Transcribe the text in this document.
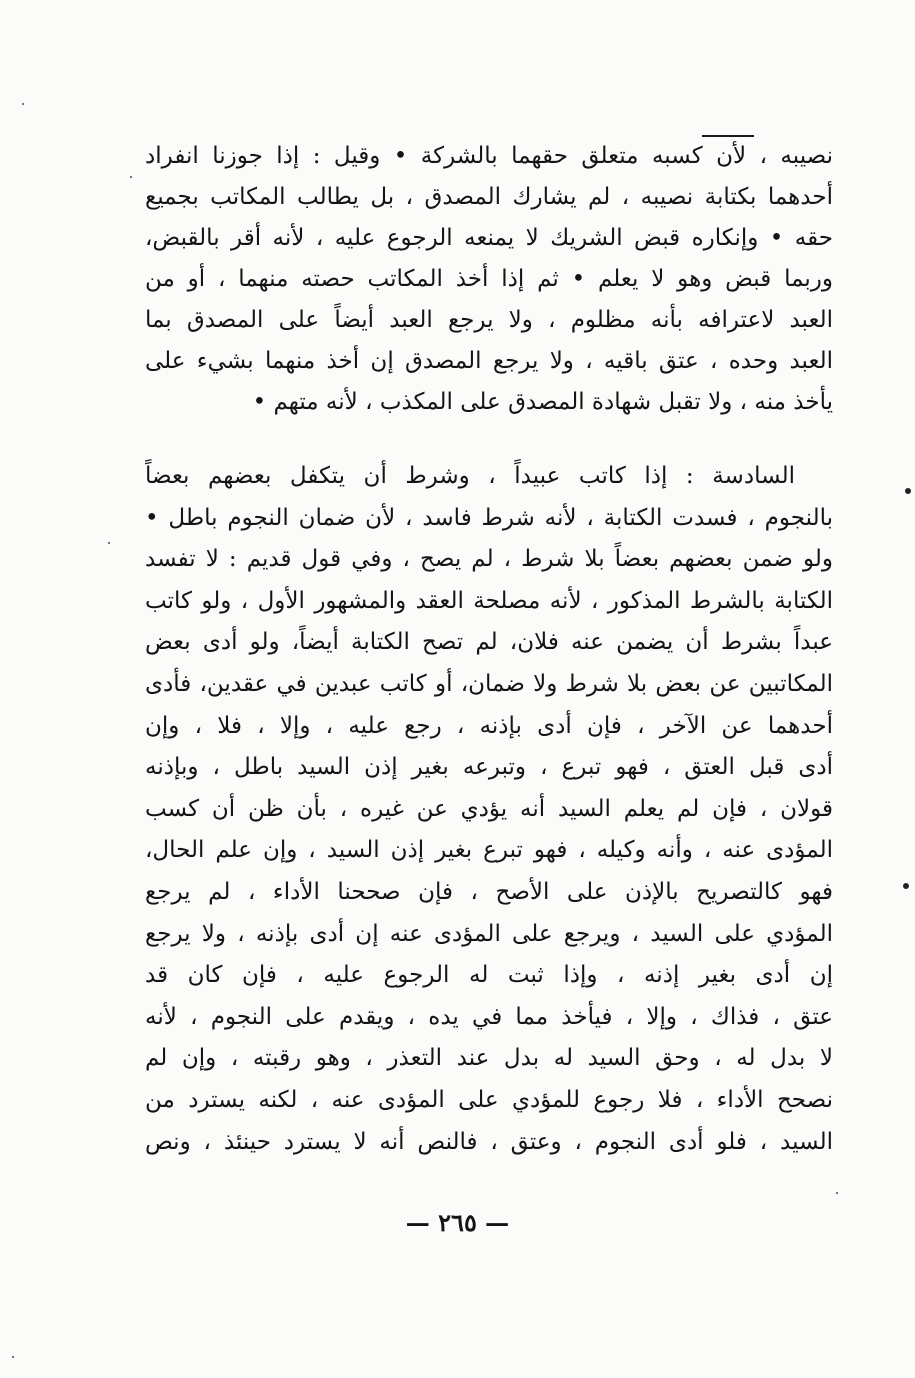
نصيبه ، لأن كسبه متعلق حقهما بالشركة • وقيل : إذا جوزنا انفراد
أحدهما بكتابة نصيبه ، لم يشارك المصدق ، بل يطالب المكاتب بجميع
حقه • وإنكاره قبض الشريك لا يمنعه الرجوع عليه ، لأنه أقر بالقبض،
وربما قبض وهو لا يعلم • ثم إذا أخذ المكاتب حصته منهما ، أو من
العبد لاعترافه بأنه مظلوم ، ولا يرجع العبد أيضاً على المصدق بما
العبد وحده ، عتق باقيه ، ولا يرجع المصدق إن أخذ منهما بشيء على
يأخذ منه ، ولا تقبل شهادة المصدق على المكذب ، لأنه متهم •
السادسة : إذا كاتب عبيداً ، وشرط أن يتكفل بعضهم بعضاً
بالنجوم ، فسدت الكتابة ، لأنه شرط فاسد ، لأن ضمان النجوم باطل •
ولو ضمن بعضهم بعضاً بلا شرط ، لم يصح ، وفي قول قديم : لا تفسد
الكتابة بالشرط المذكور ، لأنه مصلحة العقد والمشهور الأول ، ولو كاتب
عبداً بشرط أن يضمن عنه فلان، لم تصح الكتابة أيضاً، ولو أدى بعض
المكاتبين عن بعض بلا شرط ولا ضمان، أو كاتب عبدين في عقدين، فأدى
أحدهما عن الآخر ، فإن أدى بإذنه ، رجع عليه ، وإلا ، فلا ، وإن
أدى قبل العتق ، فهو تبرع ، وتبرعه بغير إذن السيد باطل ، وبإذنه
قولان ، فإن لم يعلم السيد أنه يؤدي عن غيره ، بأن ظن أن كسب
المؤدى عنه ، وأنه وكيله ، فهو تبرع بغير إذن السيد ، وإن علم الحال،
فهو كالتصريح بالإذن على الأصح ، فإن صححنا الأداء ، لم يرجع
المؤدي على السيد ، ويرجع على المؤدى عنه إن أدى بإذنه ، ولا يرجع
إن أدى بغير إذنه ، وإذا ثبت له الرجوع عليه ، فإن كان قد
عتق ، فذاك ، وإلا ، فيأخذ مما في يده ، ويقدم على النجوم ، لأنه
لا بدل له ، وحق السيد له بدل عند التعذر ، وهو رقبته ، وإن لم
نصحح الأداء ، فلا رجوع للمؤدي على المؤدى عنه ، لكنه يسترد من
السيد ، فلو أدى النجوم ، وعتق ، فالنص أنه لا يسترد حينئذ ، ونص
— ٢٦٥ —
